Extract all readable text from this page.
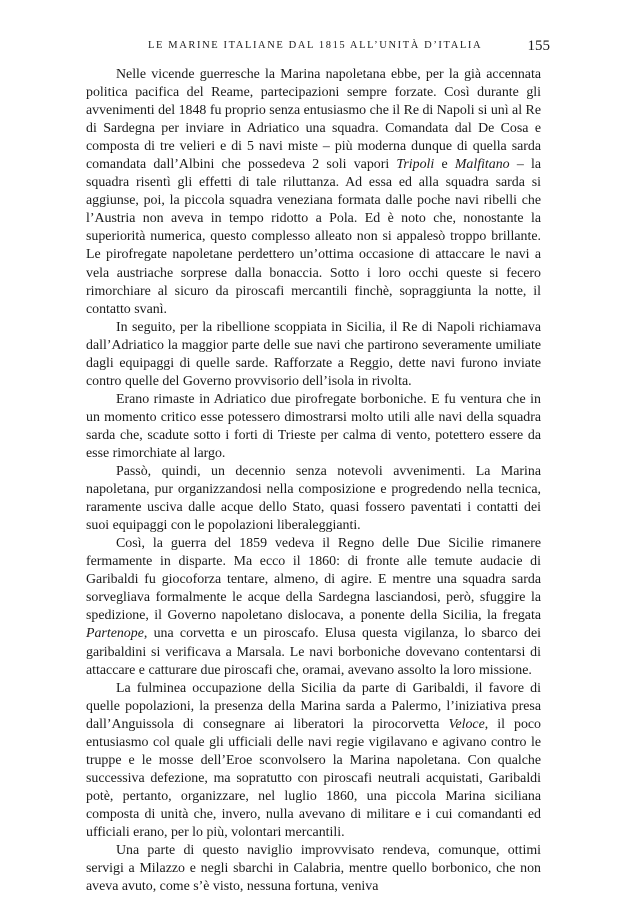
LE MARINE ITALIANE DAL 1815 ALL’UNITÀ D’ITALIA	155

Nelle vicende guerresche la Marina napoletana ebbe, per la già accennata politica pacifica del Reame, partecipazioni sempre forzate. Così durante gli avvenimenti del 1848 fu proprio senza entusiasmo che il Re di Napoli si unì al Re di Sardegna per inviare in Adriatico una squadra. Comandata dal De Cosa e composta di tre velieri e di 5 navi miste – più moderna dunque di quella sarda comandata dall’Albini che possedeva 2 soli vapori Tripoli e Malfitano – la squadra risentì gli effetti di tale riluttanza. Ad essa ed alla squadra sarda si aggiunse, poi, la piccola squadra veneziana formata dalle poche navi ribelli che l’Austria non aveva in tempo ridotto a Pola. Ed è noto che, nonostante la superiorità numerica, questo complesso alleato non si appalesò troppo brillante. Le pirofregate napoletane perdettero un’ottima occasione di attaccare le navi a vela austriache sorprese dalla bonaccia. Sotto i loro occhi queste si fecero rimorchiare al sicuro da piroscafi mercantili finchè, sopraggiunta la notte, il contatto svanì.

In seguito, per la ribellione scoppiata in Sicilia, il Re di Napoli richiamava dall’Adriatico la maggior parte delle sue navi che partirono severamente umiliate dagli equipaggi di quelle sarde. Rafforzate a Reggio, dette navi furono inviate contro quelle del Governo provvisorio dell’isola in rivolta.

Erano rimaste in Adriatico due pirofregate borboniche. E fu ventura che in un momento critico esse potessero dimostrarsi molto utili alle navi della squadra sarda che, scadute sotto i forti di Trieste per calma di vento, potettero essere da esse rimorchiate al largo.

Passò, quindi, un decennio senza notevoli avvenimenti. La Marina napoletana, pur organizzandosi nella composizione e progredendo nella tecnica, raramente usciva dalle acque dello Stato, quasi fossero paventati i contatti dei suoi equipaggi con le popolazioni liberaleggianti.

Così, la guerra del 1859 vedeva il Regno delle Due Sicilie rimanere fermamente in disparte. Ma ecco il 1860: di fronte alle temute audacie di Garibaldi fu giocoforza tentare, almeno, di agire. E mentre una squadra sarda sorvegliava formalmente le acque della Sardegna lasciandosi, però, sfuggire la spedizione, il Governo napoletano dislocava, a ponente della Sicilia, la fregata Partenope, una corvetta e un piroscafo. Elusa questa vigilanza, lo sbarco dei garibaldini si verificava a Marsala. Le navi borboniche dovevano contentarsi di attaccare e catturare due piroscafi che, oramai, avevano assolto la loro missione.

La fulminea occupazione della Sicilia da parte di Garibaldi, il favore di quelle popolazioni, la presenza della Marina sarda a Palermo, l’iniziativa presa dall’Anguissola di consegnare ai liberatori la pirocorvetta Veloce, il poco entusiasmo col quale gli ufficiali delle navi regie vigilavano e agivano contro le truppe e le mosse dell’Eroe sconvolsero la Marina napoletana. Con qualche successiva defezione, ma sopratutto con piroscafi neutrali acquistati, Garibaldi potè, pertanto, organizzare, nel luglio 1860, una piccola Marina siciliana composta di unità che, invero, nulla avevano di militare e i cui comandanti ed ufficiali erano, per lo più, volontari mercantili.

Una parte di questo naviglio improvvisato rendeva, comunque, ottimi servigi a Milazzo e negli sbarchi in Calabria, mentre quello borbonico, che non aveva avuto, come s’è visto, nessuna fortuna, veniva
